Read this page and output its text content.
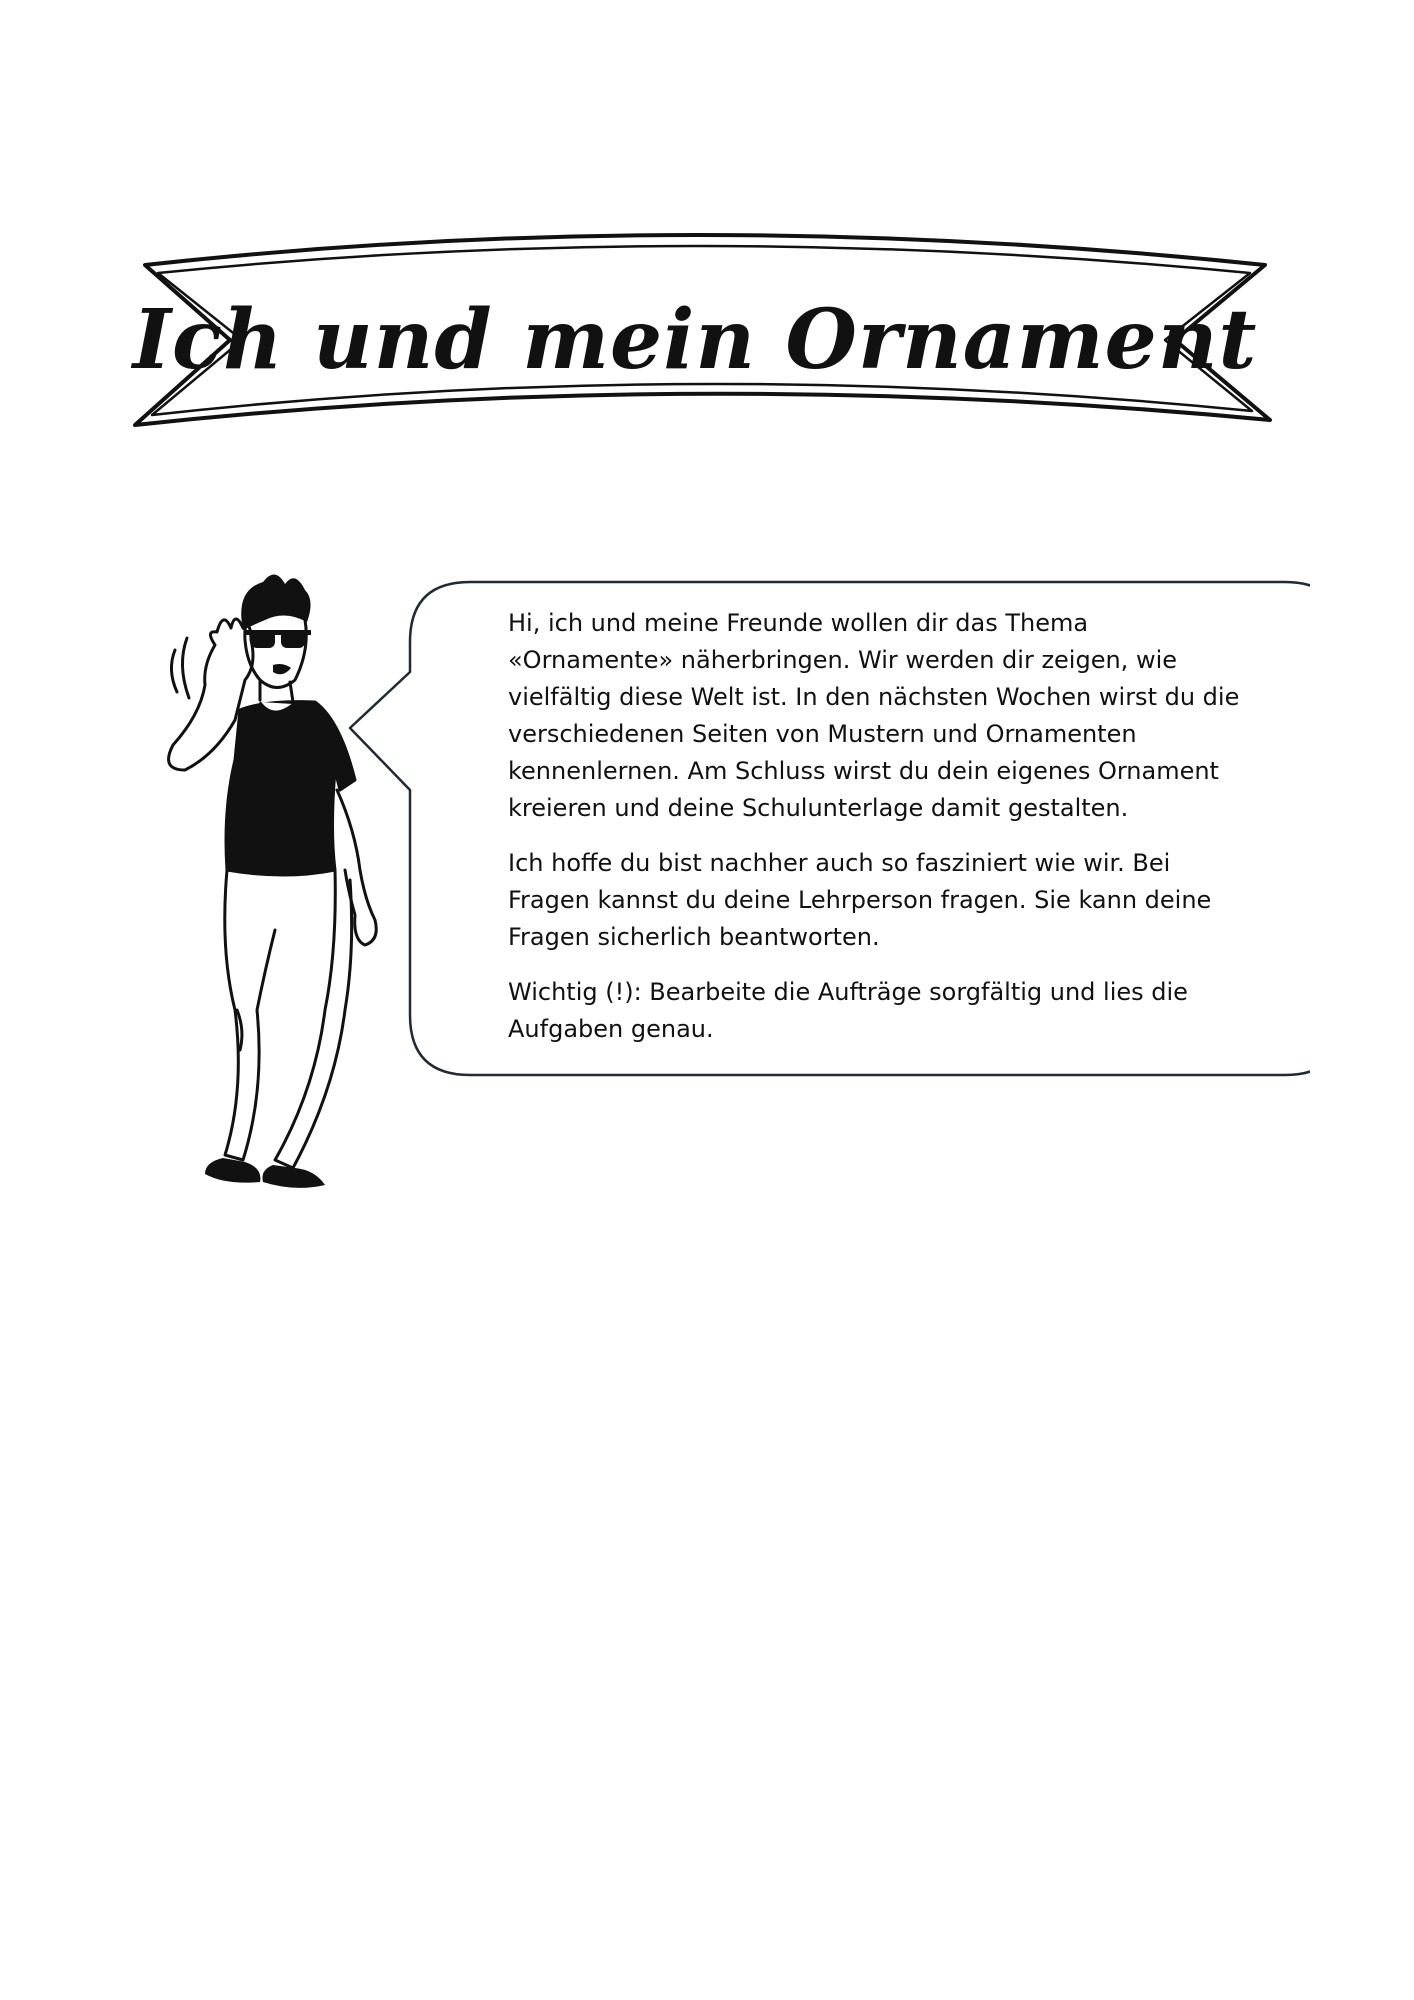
Ich und mein Ornament

Hi, ich und meine Freunde wollen dir das Thema «Ornamente» näherbringen. Wir werden dir zeigen, wie vielfältig diese Welt ist. In den nächsten Wochen wirst du die verschiedenen Seiten von Mustern und Ornamenten kennenlernen. Am Schluss wirst du dein eigenes Ornament kreieren und deine Schulunterlage damit gestalten.

Ich hoffe du bist nachher auch so fasziniert wie wir. Bei Fragen kannst du deine Lehrperson fragen. Sie kann deine Fragen sicherlich beantworten.

Wichtig (!): Bearbeite die Aufträge sorgfältig und lies die Aufgaben genau.
